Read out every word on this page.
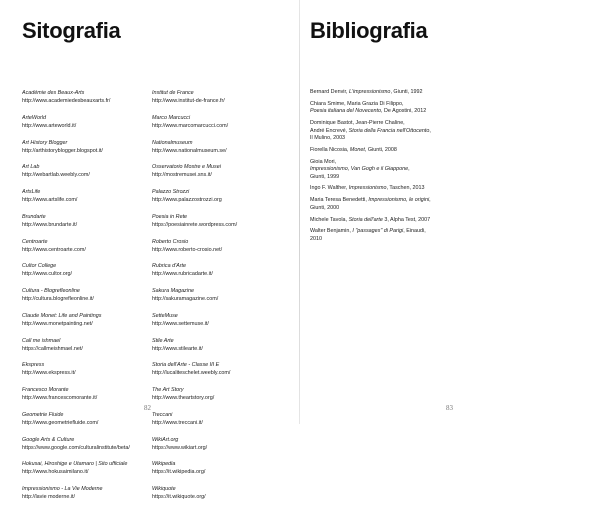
Sitografia
Académie des Beaux-Arts
http://www.academiedesbeauxarts.fr/
ArteWorld
http://www.arteworld.it/
Art History Blogger
http://arthistoryblogger.blogspot.it/
Art Lab
http://webartlab.weebly.com/
ArtsLife
http://www.artslife.com/
Brundarte
http://www.brundarte.it/
Centroarte
http://www.centroarte.com/
Cultor College
http://www.cultor.org/
Cultura - Blogrefleonline
http://cultura.blogrefleonline.it/
Claude Monet: Life and Paintings
http://www.monetpainting.net/
Call me ishmael
https://callmeishmael.net/
Ekspress
http://www.ekspress.it/
Francesco Morante
http://www.francescomorante.it/
Geometrie Fluide
http://www.geometriefluide.com/
Google Arts & Culture
https://www.google.com/culturalinstitute/beta/
Hokusai, Hiroshige e Utamaro | Sito ufficiale
http://www.hokusaimilano.it/
Impressionismo - La Vie Moderne
http://lavie moderne.it/
Institut de France
http://www.institut-de-france.fr/
Marco Marcucci
http://www.marcomarcucci.com/
Nationalmuseum
http://www.nationalmuseum.se/
Osservatorio Mostre e Musei
http://mostremusei.sns.it/
Palazzo Strozzi
http://www.palazzostrozzi.org
Poesia in Rete
https://poesiainrete.wordpress.com/
Roberto Crosio
http://www.roberto-crosio.net/
Rubrica d'Arte
http://www.rubricadarte.it/
Sakura Magazine
http://sakuramagazine.com/
SetteMuse
http://www.settemuse.it/
Stile Arte
http://www.stilearte.it/
Storia dell'Arte - Classe III E
http://lucaliteschelet.weebly.com/
The Art Story
http://www.theartstory.org/
Treccani
http://www.treccani.it/
WikiArt.org
https://www.wikiart.org/
Wikipedia
https://it.wikipedia.org/
Wikiquote
https://it.wikiquote.org/
82
Bibliografia
Bernard Denvir, L'impressionismo, Giunti, 1992
Chiara Smime, Maria Grazia Di Filippo,
Poesia italiana del Novecento, De Agostini, 2012
Dominique Bastot, Jean-Pierre Chaline,
André Encrevé, Storia della Francia nell'Ottocento,
Il Mulino, 2003
Fiorella Nicosia, Monet, Giunti, 2008
Gioia Mori,
Impressionismo, Van Gogh e il Giappone,
Giunti, 1999
Ingo F. Walther, Impressionismo, Taschen, 2013
Maria Teresa Benedetti, Impressionismo, le origini,
Giunti, 2000
Michele Tavola, Storia dell'arte 3, Alpha Test, 2007
Walter Benjamin, I "passages" di Parigi, Einaudi,
2010
83
